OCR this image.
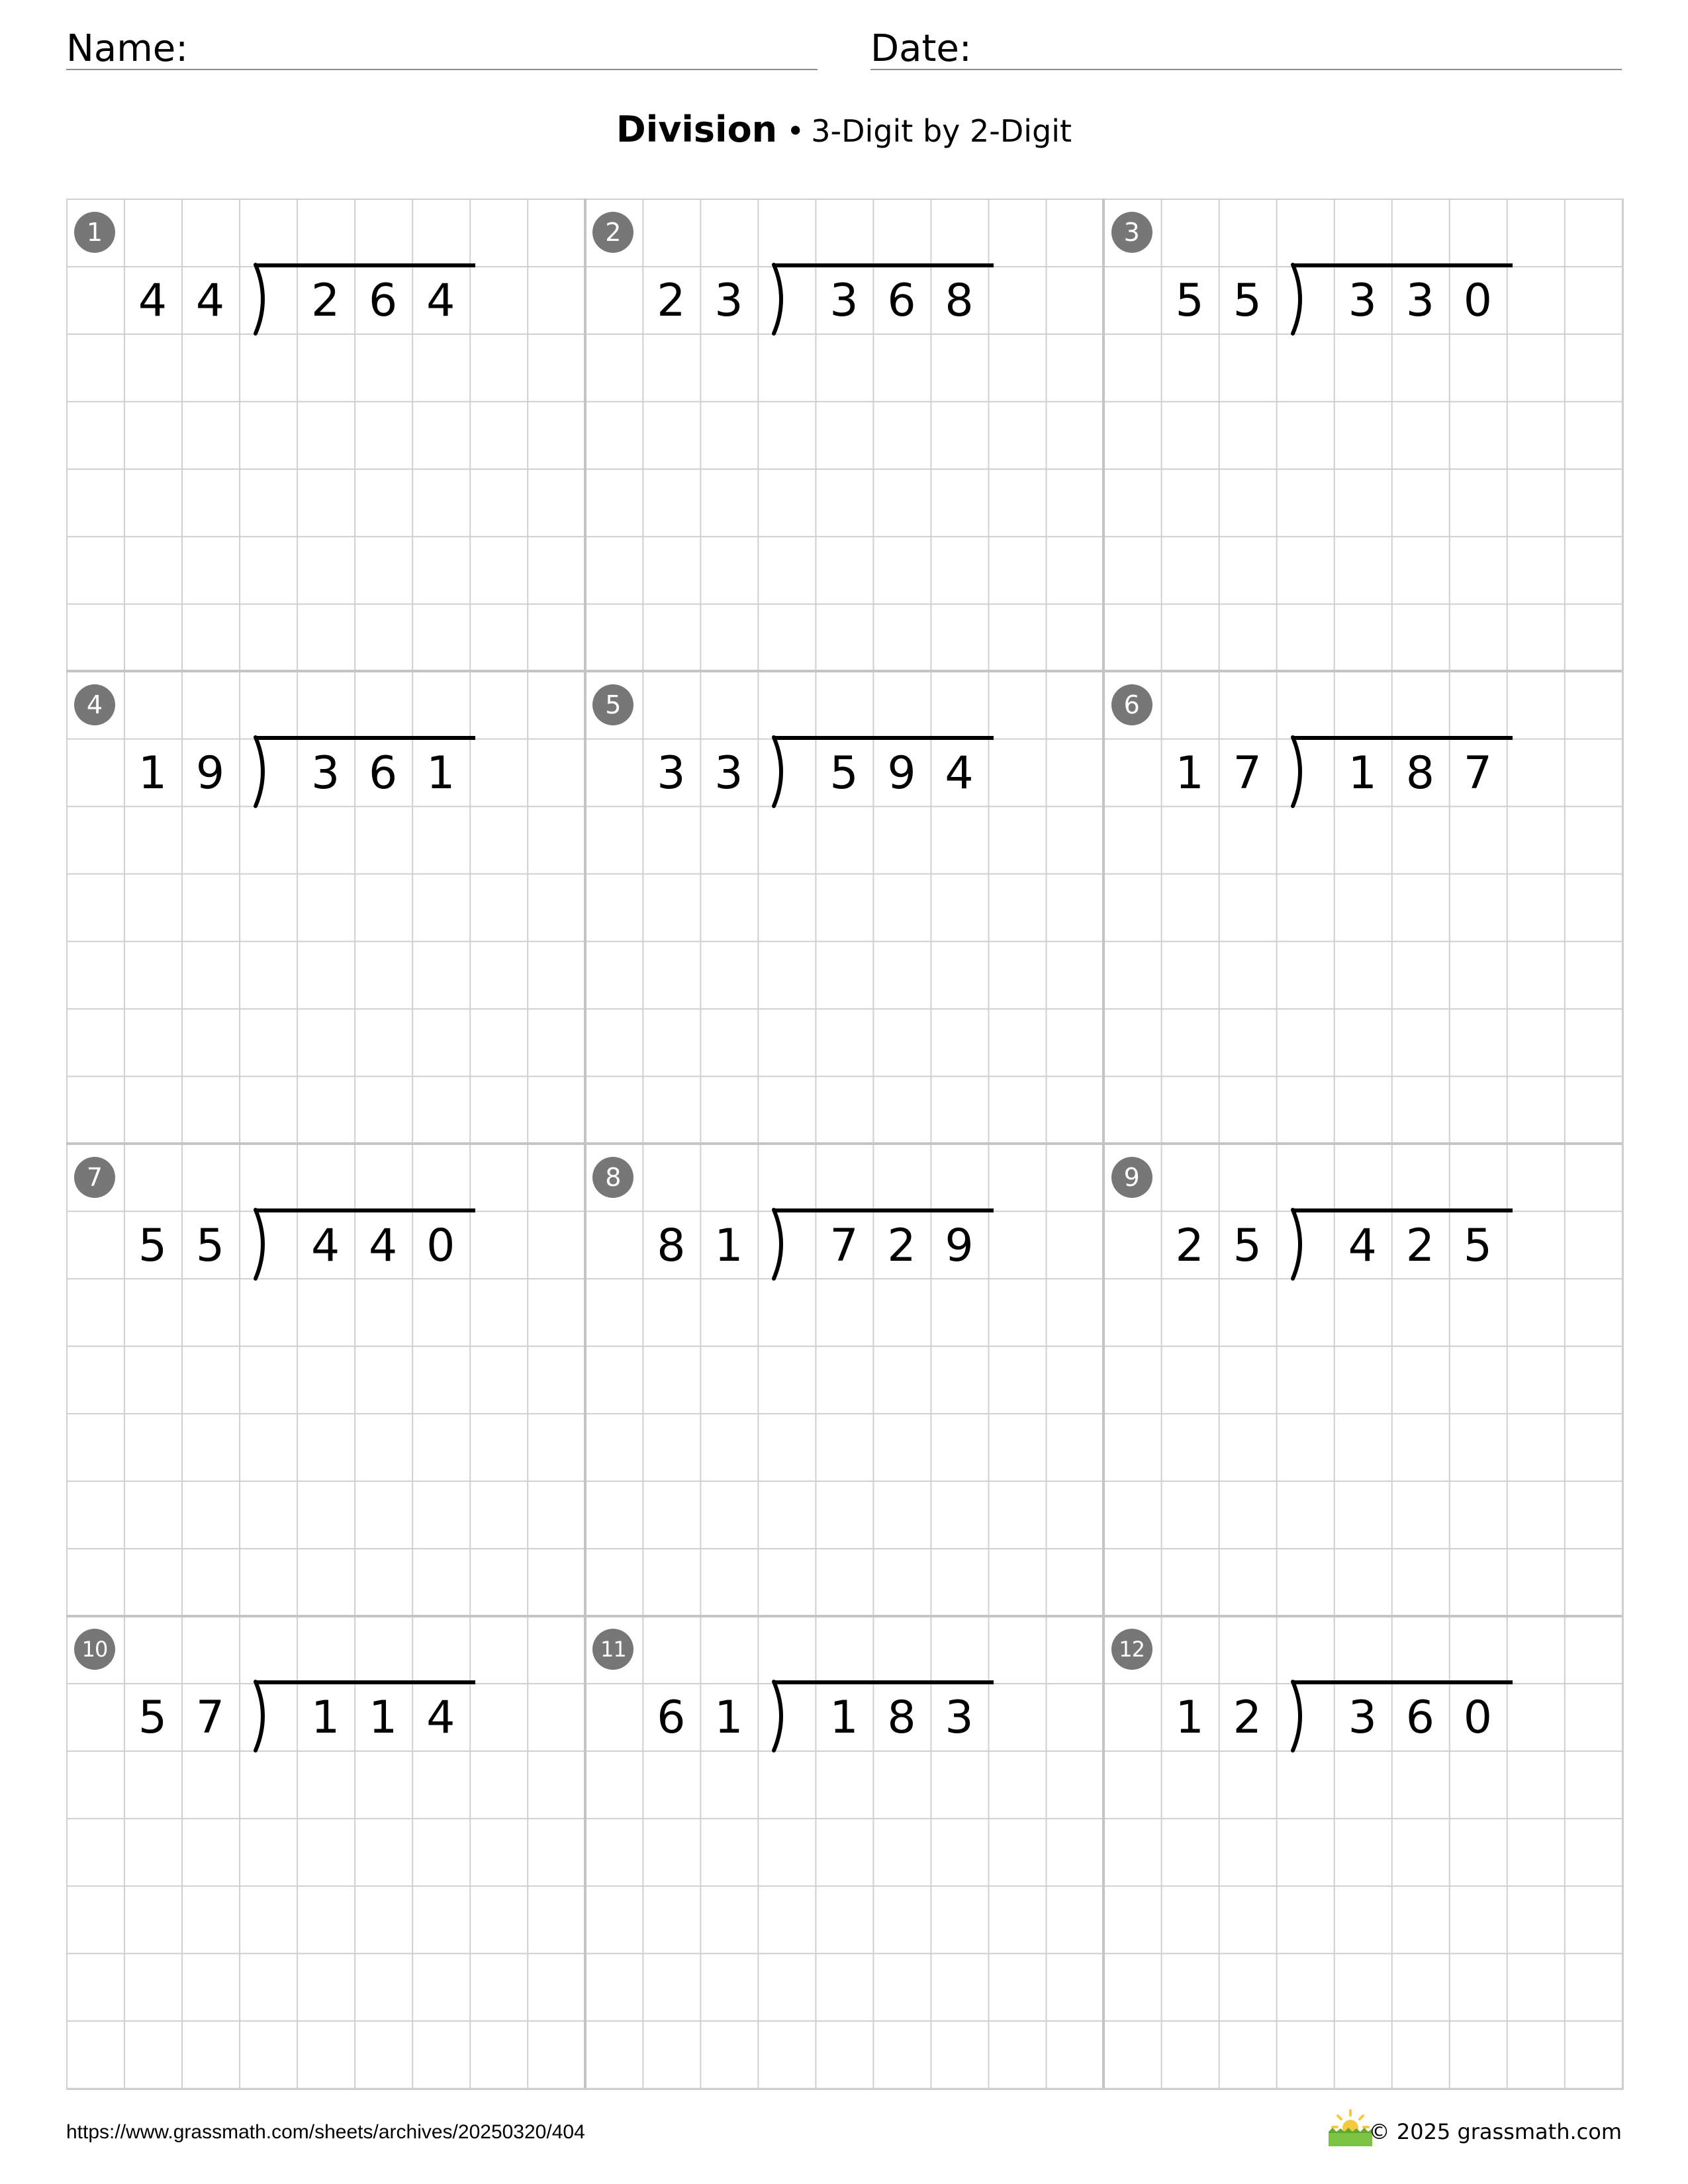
Name:	Date:
Division • 3-Digit by 2-Digit
1
4 4	2 6 4
2
2 3	3 6 8
3
5 5	3 3 0
4
1 9	3 6 1
5
3 3	5 9 4
6
1 7	1 8 7
7
5 5	4 4 0
8
8 1	7 2 9
9
2 5	4 2 5
10
5 7	1 1 4
11
6 1	1 8 3
12
1 2	3 6 0
https://www.grassmath.com/sheets/archives/20250320/404	© 2025 grassmath.com
